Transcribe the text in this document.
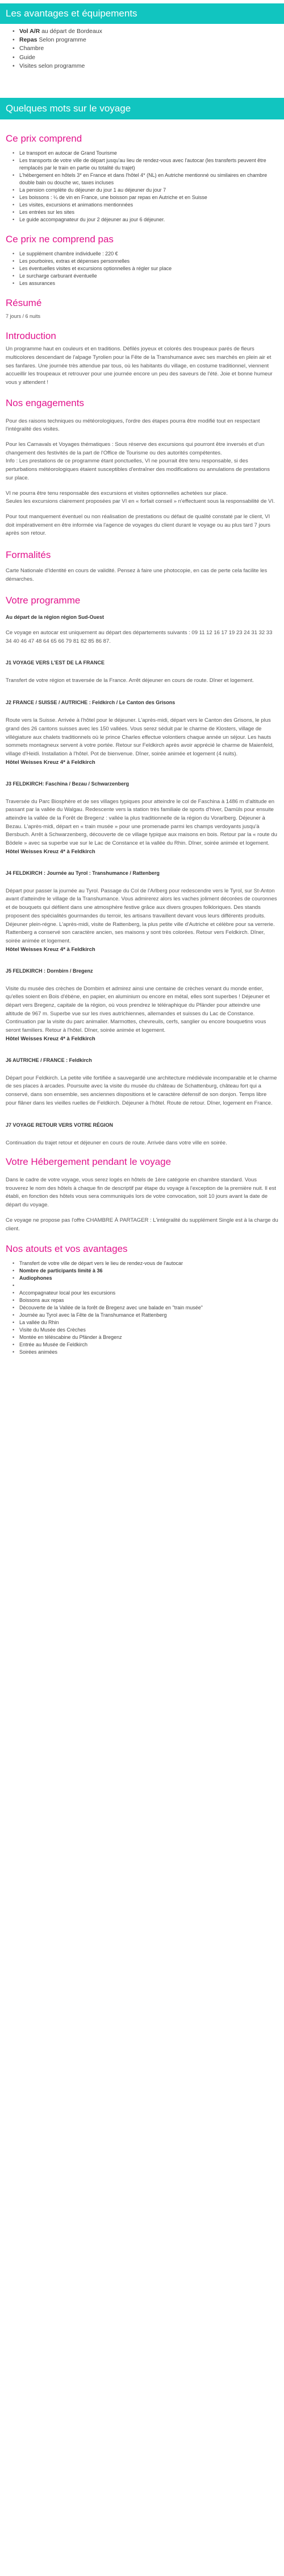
Les avantages et équipements
• Vol A/R au départ de Bordeaux
• Repas Selon programme
• Chambre
• Guide
• Visites selon programme
Quelques mots sur le voyage
Ce prix comprend
• Le transport en autocar de Grand Tourisme
• Les transports de votre ville de départ jusqu'au lieu de rendez-vous avec l'autocar (les transferts peuvent être remplacés par le train en partie ou totalité du trajet)
• L'hébergement en hôtels 3* en France et dans l'hôtel 4* (NL) en Autriche mentionné ou similaires en chambre double bain ou douche wc, taxes incluses
• La pension complète du déjeuner du jour 1 au déjeuner du jour 7
• Les boissons : ¼ de vin en France, une boisson par repas en Autriche et en Suisse
• Les visites, excursions et animations mentionnées
• Les entrées sur les sites
• Le guide accompagnateur du jour 2 déjeuner au jour 6 déjeuner.
Ce prix ne comprend pas
• Le supplément chambre individuelle : 220 €
• Les pourboires, extras et dépenses personnelles
• Les éventuelles visites et excursions optionnelles à régler sur place
• Le surcharge carburant éventuelle
• Les assurances
Résumé

7 jours / 6 nuits

Introduction

Un programme haut en couleurs et en traditions. Défilés joyeux et colorés des troupeaux parés de fleurs multicolores descendant de l'alpage Tyrolien pour la Fête de la Transhumance avec ses marchés en plein air et ses fanfares. Une journée très attendue par tous, où les habitants du village, en costume traditionnel, viennent accueillir les troupeaux et retrouver pour une journée encore un peu des saveurs de l'été. Joie et bonne humeur vous y attendent !

Nos engagements

Pour des raisons techniques ou météorologiques, l'ordre des étapes pourra être modifié tout en respectant l'intégralité des visites.

Pour les Carnavals et Voyages thématiques : Sous réserve des excursions qui pourront être inversés et d'un changement des festivités de la part de l'Office de Tourisme ou des autorités compétentes.
Info : Les prestations de ce programme étant ponctuelles, VI ne pourrait être tenu responsable, si des perturbations météorologiques étaient susceptibles d'entraîner des modifications ou annulations de prestations sur place.

VI ne pourra être tenu responsable des excursions et visites optionnelles achetées sur place.
Seules les excursions clairement proposées par VI en « forfait conseil » n'effectuent sous la responsabilité de VI.

Pour tout manquement éventuel ou non réalisation de prestations ou défaut de qualité constaté par le client, VI doit impérativement en être informée via l'agence de voyages du client durant le voyage ou au plus tard 7 jours après son retour.

Formalités

Carte Nationale d'Identité en cours de validité. Pensez à faire une photocopie, en cas de perte cela facilite les démarches.

Votre programme

Au départ de la région région Sud-Ouest

Ce voyage en autocar est uniquement au départ des départements suivants : 09 11 12 16 17 19 23 24 31 32 33 34 40 46 47 48 64 65 66 79 81 82 85 86 87.

J1 VOYAGE VERS L'EST DE LA FRANCE

Transfert de votre région et traversée de la France. Arrêt déjeuner en cours de route. Dîner et logement.

J2 FRANCE / SUISSE / AUTRICHE : Feldkirch / Le Canton des Grisons

Route vers la Suisse. Arrivée à l'hôtel pour le déjeuner. L'après-midi, départ vers le Canton des Grisons, le plus grand des 26 cantons suisses avec les 150 vallées. Vous serez séduit par le charme de Klosters, village de villégiature aux chalets traditionnels où le prince Charles effectue volontiers chaque année un séjour. Les hauts sommets montagneux servent à votre portée. Retour sur Feldkirch après avoir apprécié le charme de Maienfeld, village d'Heidi. Installation à l'hôtel. Pot de bienvenue. Dîner, soirée animée et logement (4 nuits).

Hôtel Weisses Kreuz 4* à Feldkirch

J3 FELDKIRCH: Faschina / Bezau / Schwarzenberg

Traversée du Parc Biosphère et de ses villages typiques pour atteindre le col de Faschina à 1486 m d'altitude en passant par la vallée du Walgau. Redescente vers la station très familiale de sports d'hiver, Damüls pour ensuite atteindre la vallée de la Forêt de Bregenz : vallée la plus traditionnelle de la région du Vorarlberg. Déjeuner à Bezau. L'après-midi, départ en « train musée » pour une promenade parmi les champs verdoyants jusqu'à Bersbuch. Arrêt à Schwarzenberg, découverte de ce village typique aux maisons en bois. Retour par la « route du Bödele » avec sa superbe vue sur le Lac de Constance et la vallée du Rhin. Dîner, soirée animée et logement.

Hôtel Weisses Kreuz 4* à Feldkirch

J4 FELDKIRCH : Journée au Tyrol : Transhumance / Rattenberg

Départ pour passer la journée au Tyrol. Passage du Col de l'Arlberg pour redescendre vers le Tyrol, sur St-Anton avant d'atteindre le village de la Transhumance. Vous admirerez alors les vaches joliment décorées de couronnes et de bouquets qui défilent dans une atmosphère festive grâce aux divers groupes folkloriques. Des stands proposent des spécialités gourmandes du terroir, les artisans travaillent devant vous leurs différents produits. Déjeuner plein-régne. L'après-midi, visite de Rattenberg, la plus petite ville d'Autriche et célèbre pour sa verrerie. Rattenberg a conservé son caractère ancien, ses maisons y sont très colorées. Retour vers Feldkirch. Dîner, soirée animée et logement.

Hôtel Weisses Kreuz 4* à Feldkirch

J5 FELDKIRCH : Dornbirn / Bregenz

Visite du musée des crèches de Dornbirn et admirez ainsi une centaine de crèches venant du monde entier, qu'elles soient en Bois d'ébène, en papier, en aluminium ou encore en métal, elles sont superbes ! Déjeuner et départ vers Bregenz, capitale de la région, où vous prendrez le téléraphique du Pfänder pour atteindre une altitude de 967 m. Superbe vue sur les rives autrichiennes, allemandes et suisses du Lac de Constance. Continuation par la visite du parc animalier. Marmottes, chevreuils, cerfs, sanglier ou encore bouquetins vous seront familiers. Retour à l'hôtel. Dîner, soirée animée et logement.

Hôtel Weisses Kreuz 4* à Feldkirch

J6 AUTRICHE / FRANCE : Feldkirch

Départ pour Feldkirch. La petite ville fortifiée a sauvegardé une architecture médiévale incomparable et le charme de ses places à arcades. Poursuite avec la visite du musée du château de Schattenburg, château fort qui a conservé, dans son ensemble, ses anciennes dispositions et le caractère défensif de son donjon. Temps libre pour flâner dans les vieilles ruelles de Feldkirch. Déjeuner à l'hôtel. Route de retour. Dîner, logement en France.

J7 VOYAGE RETOUR VERS VOTRE RÉGION

Continuation du trajet retour et déjeuner en cours de route. Arrivée dans votre ville en soirée.

Votre Hébergement pendant le voyage

Dans le cadre de votre voyage, vous serez logés en hôtels de 1ère catégorie en chambre standard. Vous trouverez le nom des hôtels à chaque fin de descriptif par étape du voyage à l'exception de la première nuit. Il est établi, en fonction des hôtels vous sera communiqués lors de votre convocation, soit 10 jours avant la date de départ du voyage.

Ce voyage ne propose pas l'offre CHAMBRE À PARTAGER : L'intégralité du supplément Single est à la charge du client.

Nos atouts et vos avantages
• Transfert de votre ville de départ vers le lieu de rendez-vous de l'autocar
• Nombre de participants limité à 36
• Audiophones
•
• Accompagnateur local pour les excursions
• Boissons aux repas
• Découverte de la Vallée de la forêt de Bregenz avec une balade en "train musée"
• Journée au Tyrol avec la Fête de la Transhumance et Rattenberg
• La vallée du Rhin
• Visite du Musée des Crèches
• Montée en téléscabine du Pfänder à Bregenz
• Entrée au Musée de Feldkirch
• Soirées animées
